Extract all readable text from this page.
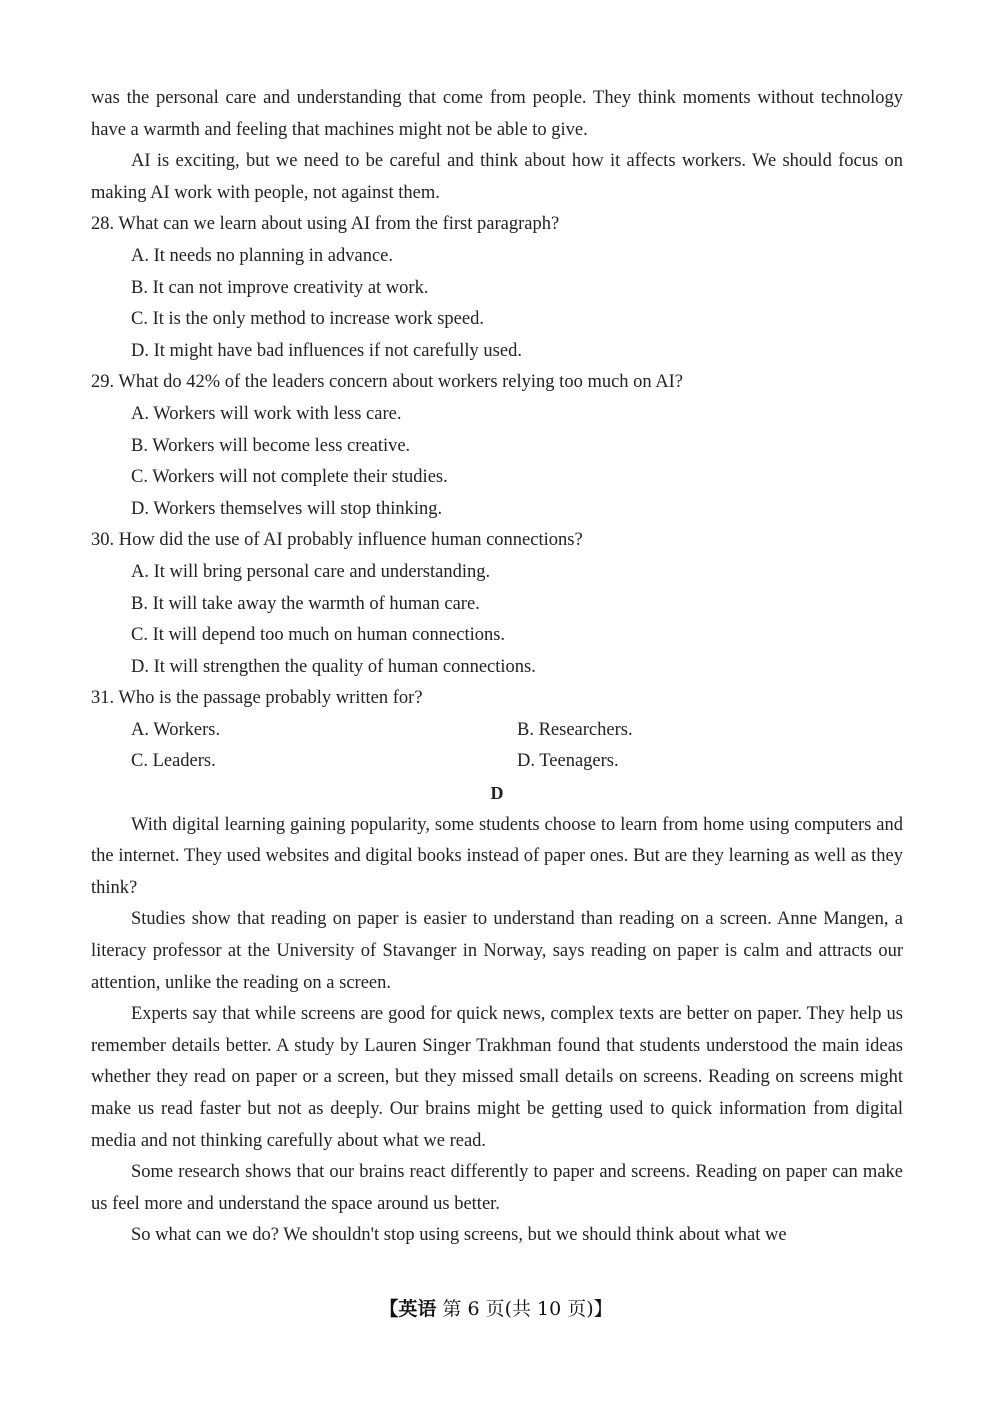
was the personal care and understanding that come from people. They think moments without technology have a warmth and feeling that machines might not be able to give.

AI is exciting, but we need to be careful and think about how it affects workers. We should focus on making AI work with people, not against them.

28. What can we learn about using AI from the first paragraph?

A. It needs no planning in advance.

B. It can not improve creativity at work.

C. It is the only method to increase work speed.

D. It might have bad influences if not carefully used.

29. What do 42% of the leaders concern about workers relying too much on AI?

A. Workers will work with less care.

B. Workers will become less creative.

C. Workers will not complete their studies.

D. Workers themselves will stop thinking.

30. How did the use of AI probably influence human connections?

A. It will bring personal care and understanding.

B. It will take away the warmth of human care.

C. It will depend too much on human connections.

D. It will strengthen the quality of human connections.

31. Who is the passage probably written for?

A. Workers.	B. Researchers.
C. Leaders.	D. Teenagers.

D

With digital learning gaining popularity, some students choose to learn from home using computers and the internet. They used websites and digital books instead of paper ones. But are they learning as well as they think?

Studies show that reading on paper is easier to understand than reading on a screen. Anne Mangen, a literacy professor at the University of Stavanger in Norway, says reading on paper is calm and attracts our attention, unlike the reading on a screen.

Experts say that while screens are good for quick news, complex texts are better on paper. They help us remember details better. A study by Lauren Singer Trakhman found that students understood the main ideas whether they read on paper or a screen, but they missed small details on screens. Reading on screens might make us read faster but not as deeply. Our brains might be getting used to quick information from digital media and not thinking carefully about what we read.

Some research shows that our brains react differently to paper and screens. Reading on paper can make us feel more and understand the space around us better.

So what can we do? We shouldn't stop using screens, but we should think about what we

【英语 第 6 页(共 10 页)】
